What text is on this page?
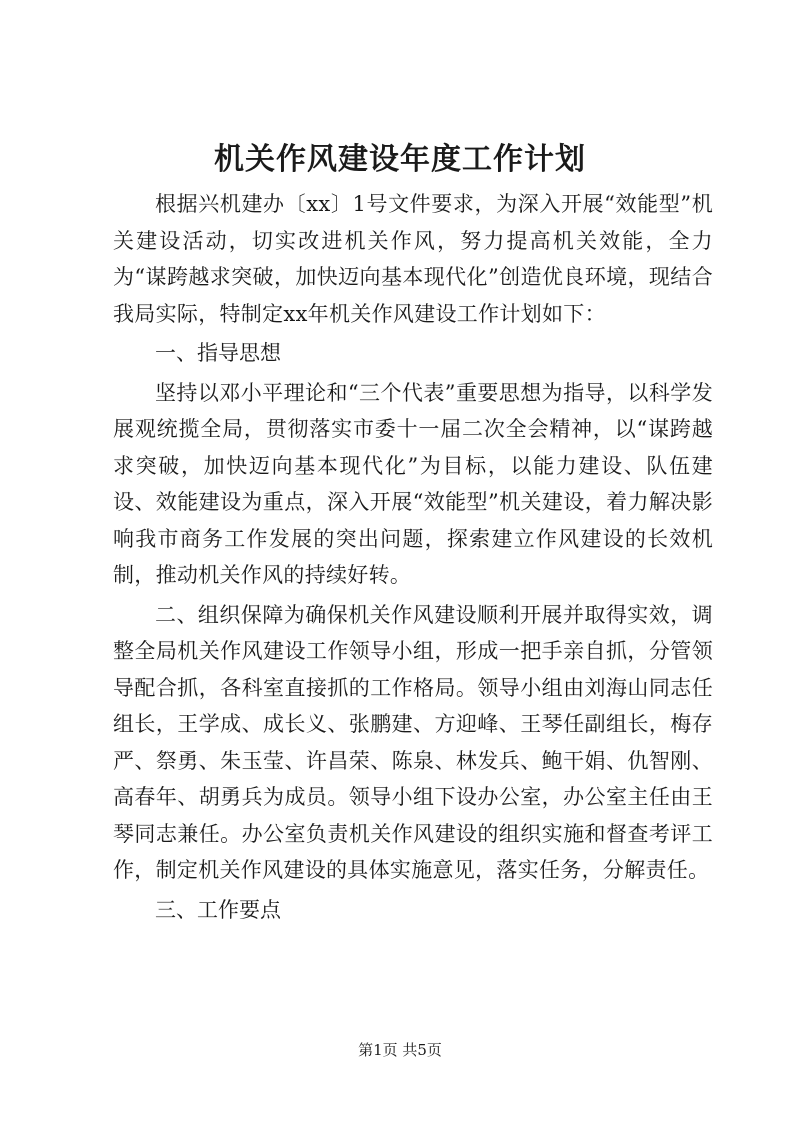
机关作风建设年度工作计划

根据兴机建办〔xx〕1号文件要求，为深入开展“效能型”机关建设活动，切实改进机关作风，努力提高机关效能，全力为“谋跨越求突破，加快迈向基本现代化”创造优良环境，现结合我局实际，特制定xx年机关作风建设工作计划如下：

一、指导思想

坚持以邓小平理论和“三个代表”重要思想为指导，以科学发展观统揽全局，贯彻落实市委十一届二次全会精神，以“谋跨越求突破，加快迈向基本现代化”为目标，以能力建设、队伍建设、效能建设为重点，深入开展“效能型”机关建设，着力解决影响我市商务工作发展的突出问题，探索建立作风建设的长效机制，推动机关作风的持续好转。

二、组织保障为确保机关作风建设顺利开展并取得实效，调整全局机关作风建设工作领导小组，形成一把手亲自抓，分管领导配合抓，各科室直接抓的工作格局。领导小组由刘海山同志任组长，王学成、成长义、张鹏建、方迎峰、王琴任副组长，梅存严、祭勇、朱玉莹、许昌荣、陈泉、林发兵、鲍干娟、仇智刚、高春年、胡勇兵为成员。领导小组下设办公室，办公室主任由王琴同志兼任。办公室负责机关作风建设的组织实施和督查考评工作，制定机关作风建设的具体实施意见，落实任务，分解责任。

三、工作要点

第1页 共5页
